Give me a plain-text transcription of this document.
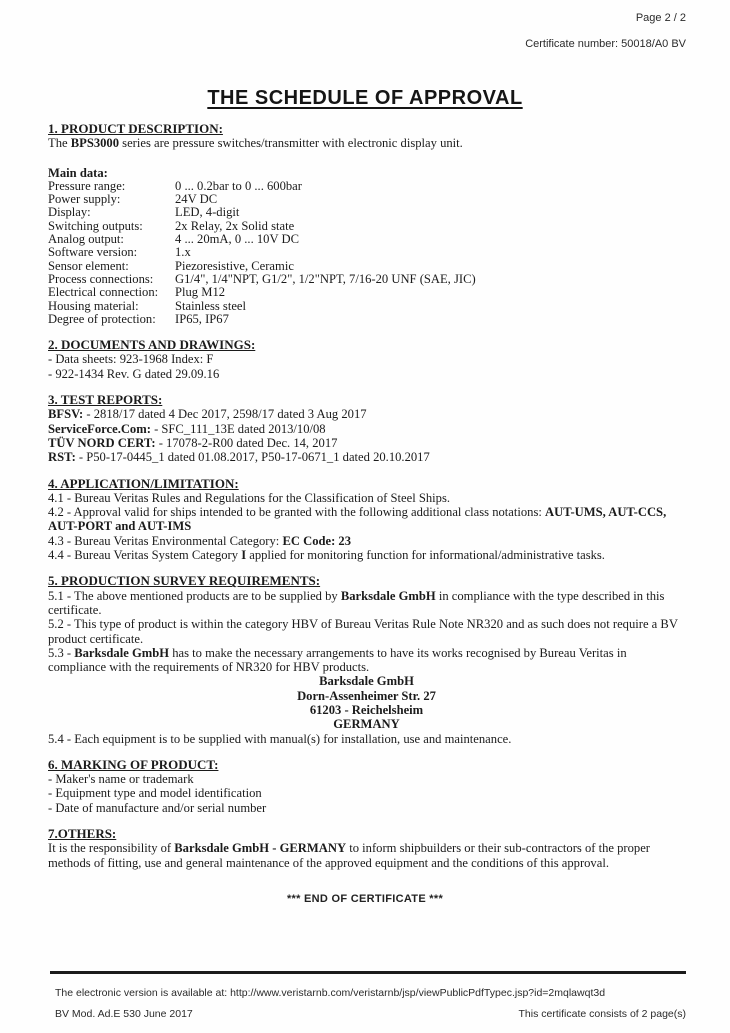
Page 2 / 2
Certificate number: 50018/A0 BV
THE SCHEDULE OF APPROVAL
1. PRODUCT DESCRIPTION:

The BPS3000 series are pressure switches/transmitter with electronic display unit.

Main data:
Pressure range:	0 ... 0.2bar to 0 ... 600bar
Power supply:	24V DC
Display:	LED, 4-digit
Switching outputs:	2x Relay, 2x Solid state
Analog output:	4 ... 20mA, 0 ... 10V DC
Software version:	1.x
Sensor element:	Piezoresistive, Ceramic
Process connections:	G1/4", 1/4"NPT, G1/2", 1/2"NPT, 7/16-20 UNF (SAE, JIC)
Electrical connection:	Plug M12
Housing material:	Stainless steel
Degree of protection:	IP65, IP67
2. DOCUMENTS AND DRAWINGS:

- Data sheets: 923-1968 Index: F

- 922-1434 Rev. G dated 29.09.16

3. TEST REPORTS:

BFSV: - 2818/17 dated 4 Dec 2017, 2598/17 dated 3 Aug 2017

ServiceForce.Com: - SFC_111_13E dated 2013/10/08

TÜV NORD CERT: - 17078-2-R00 dated Dec. 14, 2017

RST: - P50-17-0445_1 dated 01.08.2017, P50-17-0671_1 dated 20.10.2017

4. APPLICATION/LIMITATION:

4.1 - Bureau Veritas Rules and Regulations for the Classification of Steel Ships.

4.2 - Approval valid for ships intended to be granted with the following additional class notations: AUT-UMS, AUT-CCS, AUT-PORT and AUT-IMS

4.3 - Bureau Veritas Environmental Category: EC Code: 23

4.4 - Bureau Veritas System Category I applied for monitoring function for informational/administrative tasks.

5. PRODUCTION SURVEY REQUIREMENTS:

5.1 - The above mentioned products are to be supplied by Barksdale GmbH in compliance with the type described in this certificate.

5.2 - This type of product is within the category HBV of Bureau Veritas Rule Note NR320 and as such does not require a BV product certificate.

5.3 - Barksdale GmbH has to make the necessary arrangements to have its works recognised by Bureau Veritas in compliance with the requirements of NR320 for HBV products.

Barksdale GmbH
Dorn-Assenheimer Str. 27
61203 - Reichelsheim
GERMANY

5.4 - Each equipment is to be supplied with manual(s) for installation, use and maintenance.

6. MARKING OF PRODUCT:

- Maker's name or trademark

- Equipment type and model identification

- Date of manufacture and/or serial number

7.OTHERS:

It is the responsibility of Barksdale GmbH - GERMANY to inform shipbuilders or their sub-contractors of the proper methods of fitting, use and general maintenance of the approved equipment and the conditions of this approval.

*** END OF CERTIFICATE ***
The electronic version is available at: http://www.veristarnb.com/veristarnb/jsp/viewPublicPdfTypec.jsp?id=2mqlawqt3d
BV Mod. Ad.E 530 June 2017	This certificate consists of 2 page(s)
